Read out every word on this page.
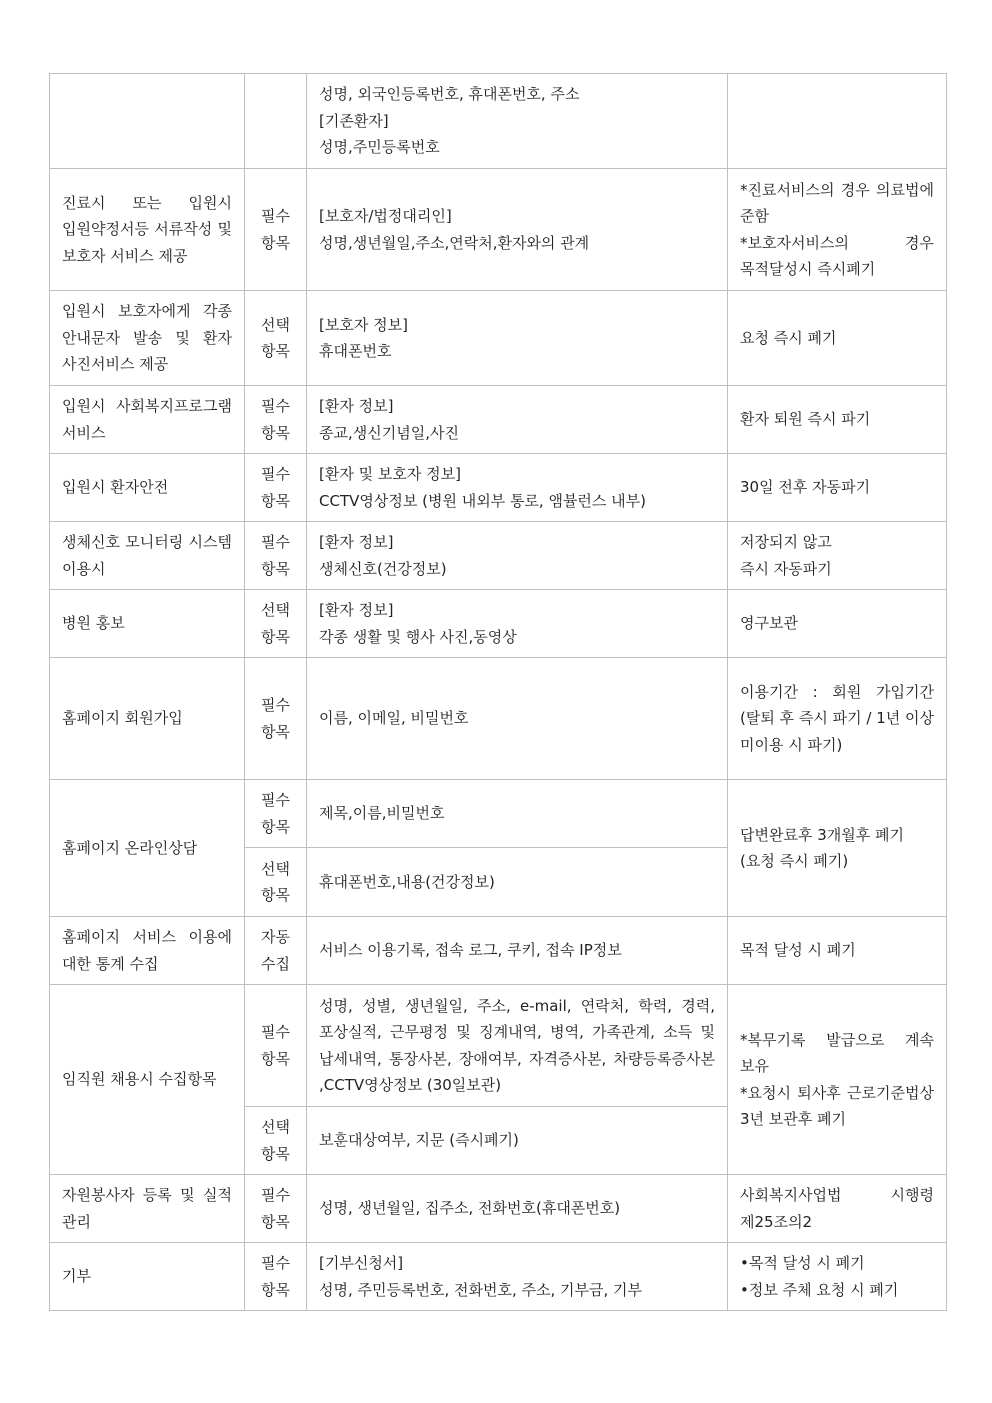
		성명, 외국인등록번호, 휴대폰번호, 주소
[기존환자]
성명,주민등록번호	

진료시 또는 입원시 입원약정서등 서류작성 및 보호자 서비스 제공	필수 항목	[보호자/법정대리인]
성명,생년월일,주소,연락처,환자와의 관계	*진료서비스의 경우 의료법에 준함
*보호자서비스의 경우 목적달성시 즉시폐기

입원시 보호자에게 각종 안내문자 발송 및 환자 사진서비스 제공	선택 항목	[보호자 정보]
휴대폰번호	요청 즉시 폐기

입원시 사회복지프로그램 서비스	필수 항목	[환자 정보]
종교,생신기념일,사진	환자 퇴원 즉시 파기

입원시 환자안전	필수 항목	[환자 및 보호자 정보]
CCTV영상정보 (병원 내외부 통로, 앰뷸런스 내부)	30일 전후 자동파기

생체신호 모니터링 시스템 이용시	필수 항목	[환자 정보]
생체신호(건강정보)	저장되지 않고
즉시 자동파기

병원 홍보	선택 항목	[환자 정보]
각종 생활 및 행사 사진,동영상	영구보관

홈페이지 회원가입	필수 항목	이름, 이메일, 비밀번호	이용기간 : 회원 가입기간 (탈퇴 후 즉시 파기 / 1년 이상 미이용 시 파기)

홈페이지 온라인상담	필수 항목	제목,이름,비밀번호	답변완료후 3개월후 폐기 (요청 즉시 폐기)

	선택 항목	휴대폰번호,내용(건강정보)	

홈페이지 서비스 이용에 대한 통계 수집	자동 수집	서비스 이용기록, 접속 로그, 쿠키, 접속 IP정보	목적 달성 시 폐기

임직원 채용시 수집항목	필수 항목	성명, 성별, 생년월일, 주소, e-mail, 연락처, 학력, 경력, 포상실적, 근무평정 및 징계내역, 병역, 가족관계, 소득 및 납세내역, 통장사본, 장애여부, 자격증사본, 차량등록증사본 ,CCTV영상정보 (30일보관)	*복무기록 발급으로 계속 보유
*요청시 퇴사후 근로기준법상 3년 보관후 폐기

	선택 항목	보훈대상여부, 지문 (즉시폐기)	

자원봉사자 등록 및 실적 관리	필수 항목	성명, 생년월일, 집주소, 전화번호(휴대폰번호)	사회복지사업법 시행령 제25조의2

기부	필수 항목	[기부신청서]
성명, 주민등록번호, 전화번호, 주소, 기부금, 기부	•목적 달성 시 폐기
•정보 주체 요청 시 폐기
